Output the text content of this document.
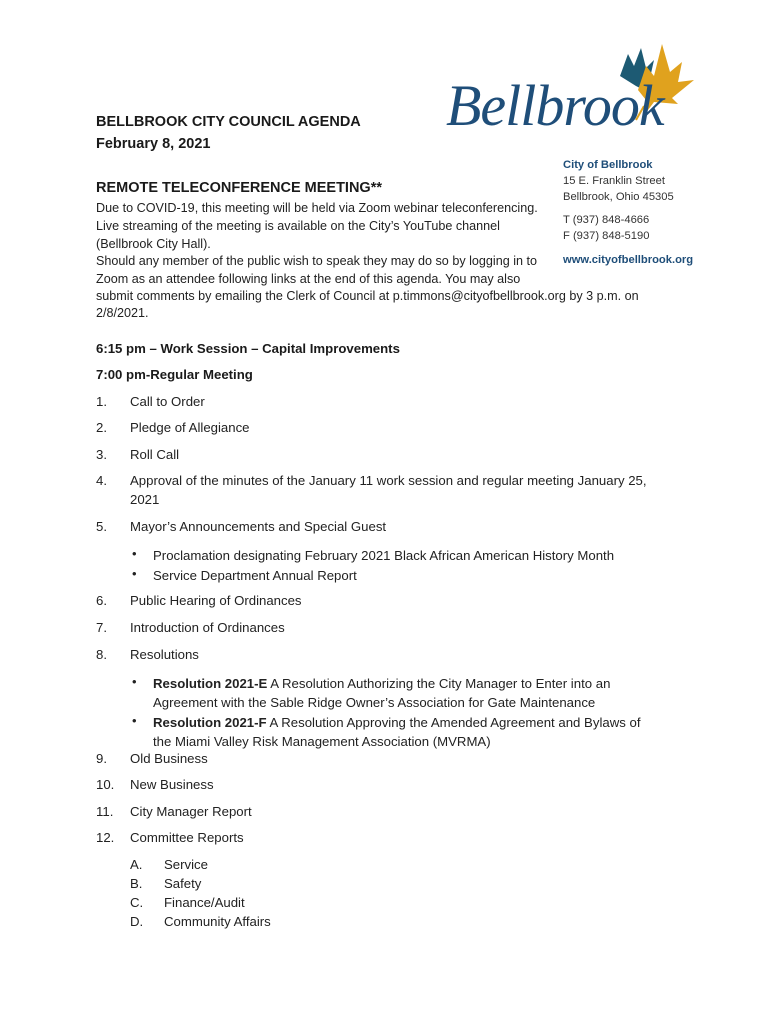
Bellbrook
BELLBROOK CITY COUNCIL AGENDA
February 8, 2021
REMOTE TELECONFERENCE MEETING**
City of Bellbrook
15 E. Franklin Street
Bellbrook, Ohio 45305
T (937) 848-4666
F (937) 848-5190
www.cityofbellbrook.org
Due to COVID-19, this meeting will be held via Zoom webinar teleconferencing.
Live streaming of the meeting is available on the City’s YouTube channel
(Bellbrook City Hall).
Should any member of the public wish to speak they may do so by logging in to
Zoom as an attendee following links at the end of this agenda. You may also
submit comments by emailing the Clerk of Council at p.timmons@cityofbellbrook.org by 3 p.m. on
2/8/2021.
6:15 pm – Work Session – Capital Improvements
7:00 pm-Regular Meeting
1. Call to Order
2. Pledge of Allegiance
3. Roll Call
4. Approval of the minutes of the January 11 work session and regular meeting January 25,
2021
5. Mayor’s Announcements and Special Guest
• Proclamation designating February 2021 Black African American History Month
• Service Department Annual Report
6. Public Hearing of Ordinances
7. Introduction of Ordinances
8. Resolutions
• Resolution 2021-E A Resolution Authorizing the City Manager to Enter into an
Agreement with the Sable Ridge Owner’s Association for Gate Maintenance
• Resolution 2021-F A Resolution Approving the Amended Agreement and Bylaws of
the Miami Valley Risk Management Association (MVRMA)
9. Old Business
10. New Business
11. City Manager Report
12. Committee Reports
A. Service
B. Safety
C. Finance/Audit
D. Community Affairs
